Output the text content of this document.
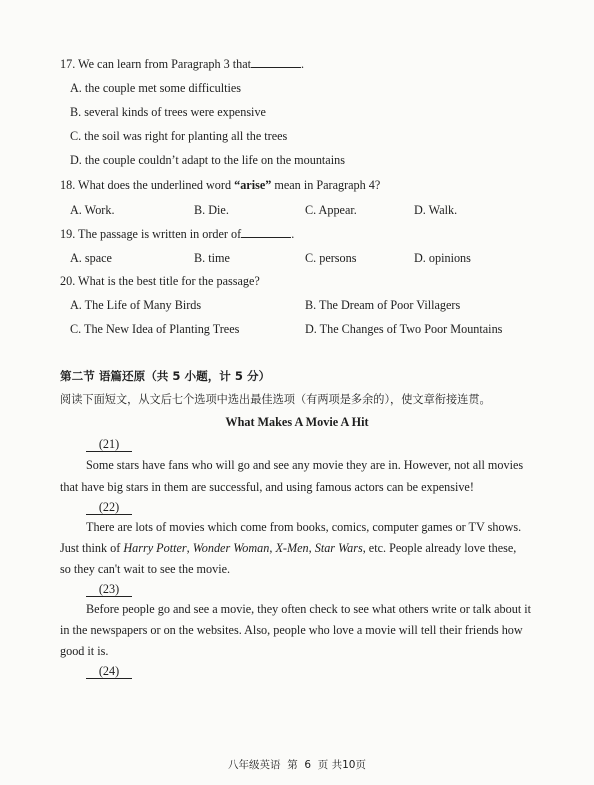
17. We can learn from Paragraph 3 that	.
A. the couple met some difficulties
B. several kinds of trees were expensive
C. the soil was right for planting all the trees
D. the couple couldn’t adapt to the life on the mountains
18. What does the underlined word “arise” mean in Paragraph 4?
A. Work.	B. Die.	C. Appear.	D. Walk.
19. The passage is written in order of	.
A. space	B. time	C. persons	D. opinions
20. What is the best title for the passage?
A. The Life of Many Birds	B. The Dream of Poor Villagers
C. The New Idea of Planting Trees	D. The Changes of Two Poor Mountains
第二节 语篇还原（共 5 小题，计 5 分）
阅读下面短文，从文后七个选项中选出最佳选项（有两项是多余的），使文章衔接连贯。
What Makes A Movie A Hit
(21)
Some stars have fans who will go and see any movie they are in. However, not all movies
that have big stars in them are successful, and using famous actors can be expensive!
(22)
There are lots of movies which come from books, comics, computer games or TV shows.
Just think of Harry Potter, Wonder Woman, X-Men, Star Wars, etc. People already love these,
so they can't wait to see the movie.
(23)
Before people go and see a movie, they often check to see what others write or talk about it
in the newspapers or on the websites. Also, people who love a movie will tell their friends how
good it is.
(24)
八年级英语 第 6 页 共10页
